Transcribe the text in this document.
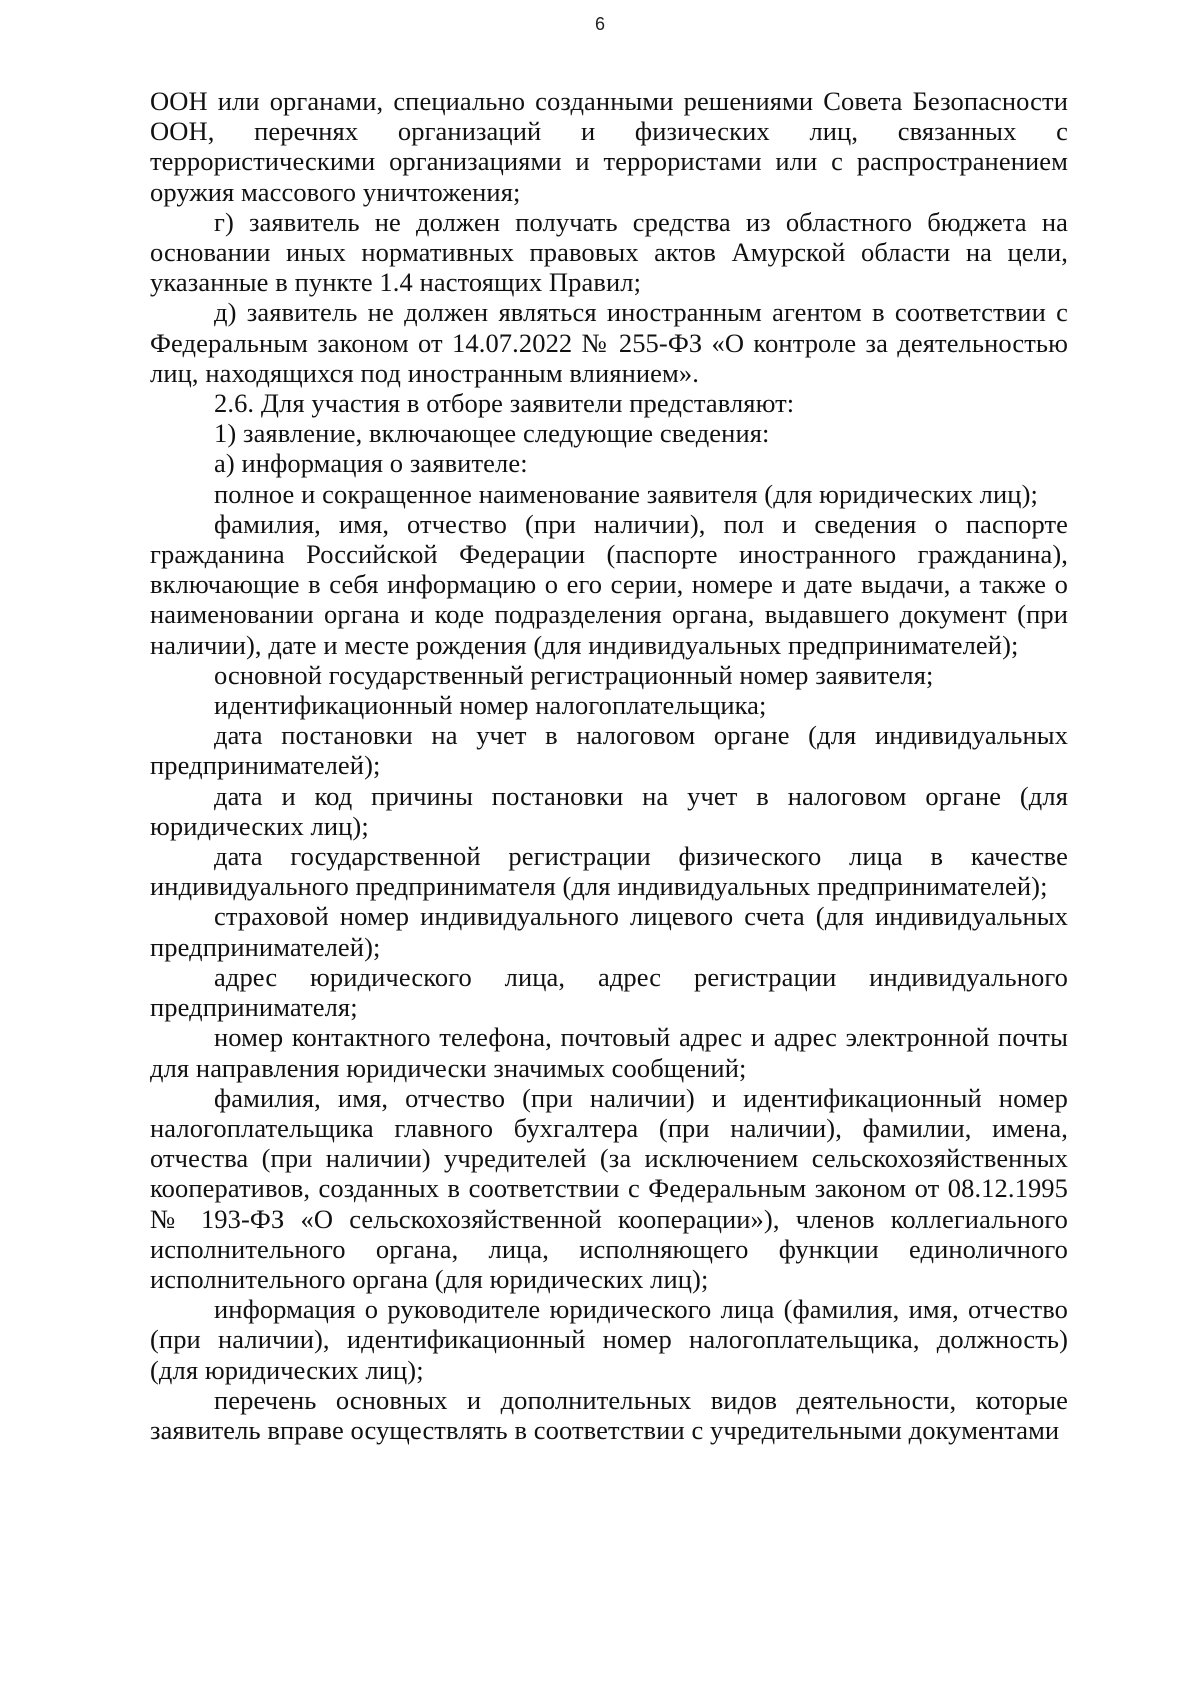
6

ООН или органами, специально созданными решениями Совета Безопасности ООН, перечнях организаций и физических лиц, связанных с террористическими организациями и террористами или с распространением оружия массового уничтожения;

г) заявитель не должен получать средства из областного бюджета на основании иных нормативных правовых актов Амурской области на цели, указанные в пункте 1.4 настоящих Правил;

д) заявитель не должен являться иностранным агентом в соответствии с Федеральным законом от 14.07.2022 № 255-ФЗ «О контроле за деятельностью лиц, находящихся под иностранным влиянием».

2.6. Для участия в отборе заявители представляют:

1) заявление, включающее следующие сведения:

а) информация о заявителе:

полное и сокращенное наименование заявителя (для юридических лиц);

фамилия, имя, отчество (при наличии), пол и сведения о паспорте гражданина Российской Федерации (паспорте иностранного гражданина), включающие в себя информацию о его серии, номере и дате выдачи, а также о наименовании органа и коде подразделения органа, выдавшего документ (при наличии), дате и месте рождения (для индивидуальных предпринимателей);

основной государственный регистрационный номер заявителя;

идентификационный номер налогоплательщика;

дата постановки на учет в налоговом органе (для индивидуальных предпринимателей);

дата и код причины постановки на учет в налоговом органе (для юридических лиц);

дата государственной регистрации физического лица в качестве индивидуального предпринимателя (для индивидуальных предпринимателей);

страховой номер индивидуального лицевого счета (для индивидуальных предпринимателей);

адрес юридического лица, адрес регистрации индивидуального предпринимателя;

номер контактного телефона, почтовый адрес и адрес электронной почты для направления юридически значимых сообщений;

фамилия, имя, отчество (при наличии) и идентификационный номер налогоплательщика главного бухгалтера (при наличии), фамилии, имена, отчества (при наличии) учредителей (за исключением сельскохозяйственных кооперативов, созданных в соответствии с Федеральным законом от 08.12.1995 № 193-ФЗ «О сельскохозяйственной кооперации»), членов коллегиального исполнительного органа, лица, исполняющего функции единоличного исполнительного органа (для юридических лиц);

информация о руководителе юридического лица (фамилия, имя, отчество (при наличии), идентификационный номер налогоплательщика, должность) (для юридических лиц);

перечень основных и дополнительных видов деятельности, которые заявитель вправе осуществлять в соответствии с учредительными документами
